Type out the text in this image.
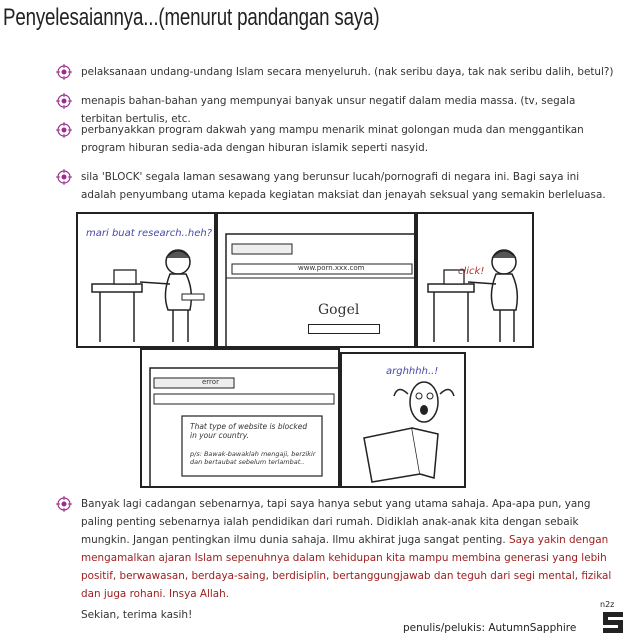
Penyelesaiannya...(menurut pandangan saya)
pelaksanaan undang-undang Islam secara menyeluruh. (nak seribu daya, tak nak seribu dalih, betul?)
menapis bahan-bahan yang mempunyai banyak unsur negatif dalam media massa. (tv, segala terbitan bertulis, etc.
perbanyakkan program dakwah yang mampu menarik minat golongan muda dan menggantikan program hiburan sedia-ada dengan hiburan islamik seperti nasyid.
sila 'BLOCK' segala laman sesawang yang berunsur lucah/pornografi di negara ini. Bagi saya ini adalah penyumbang utama kepada kegiatan maksiat dan jenayah seksual yang semakin berleluasa.
mari buat research..heh?
www.porn.xxx.com
Gogel
click!
error
That type of website is blocked in your country.
p/s: Bawak-bawaklah mengaji, berzikir dan bertaubat sebelum terlambat..
arghhhh..!
Banyak lagi cadangan sebenarnya, tapi saya hanya sebut yang utama sahaja. Apa-apa pun, yang paling penting sebenarnya ialah pendidikan dari rumah. Didiklah anak-anak kita dengan sebaik mungkin. Jangan pentingkan ilmu dunia sahaja. Ilmu akhirat juga sangat penting. Saya yakin dengan mengamalkan ajaran Islam sepenuhnya dalam kehidupan kita mampu membina generasi yang lebih positif, berwawasan, berdaya-saing, berdisiplin, bertanggungjawab dan teguh dari segi mental, fizikal dan juga rohani. Insya Allah.
Sekian, terima kasih!
penulis/pelukis: AutumnSapphire
n2z
